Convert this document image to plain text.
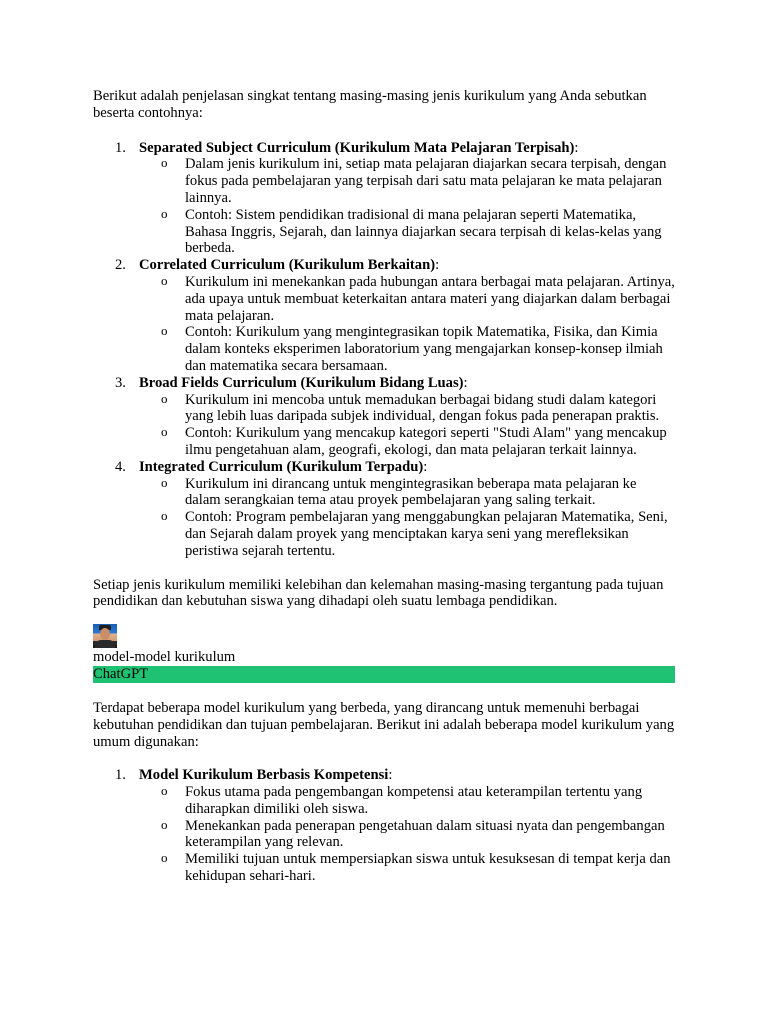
Berikut adalah penjelasan singkat tentang masing-masing jenis kurikulum yang Anda sebutkan beserta contohnya:

1. Separated Subject Curriculum (Kurikulum Mata Pelajaran Terpisah):
o Dalam jenis kurikulum ini, setiap mata pelajaran diajarkan secara terpisah, dengan fokus pada pembelajaran yang terpisah dari satu mata pelajaran ke mata pelajaran lainnya.
o Contoh: Sistem pendidikan tradisional di mana pelajaran seperti Matematika, Bahasa Inggris, Sejarah, dan lainnya diajarkan secara terpisah di kelas-kelas yang berbeda.
2. Correlated Curriculum (Kurikulum Berkaitan):
o Kurikulum ini menekankan pada hubungan antara berbagai mata pelajaran. Artinya, ada upaya untuk membuat keterkaitan antara materi yang diajarkan dalam berbagai mata pelajaran.
o Contoh: Kurikulum yang mengintegrasikan topik Matematika, Fisika, dan Kimia dalam konteks eksperimen laboratorium yang mengajarkan konsep-konsep ilmiah dan matematika secara bersamaan.
3. Broad Fields Curriculum (Kurikulum Bidang Luas):
o Kurikulum ini mencoba untuk memadukan berbagai bidang studi dalam kategori yang lebih luas daripada subjek individual, dengan fokus pada penerapan praktis.
o Contoh: Kurikulum yang mencakup kategori seperti "Studi Alam" yang mencakup ilmu pengetahuan alam, geografi, ekologi, dan mata pelajaran terkait lainnya.
4. Integrated Curriculum (Kurikulum Terpadu):
o Kurikulum ini dirancang untuk mengintegrasikan beberapa mata pelajaran ke dalam serangkaian tema atau proyek pembelajaran yang saling terkait.
o Contoh: Program pembelajaran yang menggabungkan pelajaran Matematika, Seni, dan Sejarah dalam proyek yang menciptakan karya seni yang merefleksikan peristiwa sejarah tertentu.

Setiap jenis kurikulum memiliki kelebihan dan kelemahan masing-masing tergantung pada tujuan pendidikan dan kebutuhan siswa yang dihadapi oleh suatu lembaga pendidikan.

model-model kurikulum
ChatGPT

Terdapat beberapa model kurikulum yang berbeda, yang dirancang untuk memenuhi berbagai kebutuhan pendidikan dan tujuan pembelajaran. Berikut ini adalah beberapa model kurikulum yang umum digunakan:

1. Model Kurikulum Berbasis Kompetensi:
o Fokus utama pada pengembangan kompetensi atau keterampilan tertentu yang diharapkan dimiliki oleh siswa.
o Menekankan pada penerapan pengetahuan dalam situasi nyata dan pengembangan keterampilan yang relevan.
o Memiliki tujuan untuk mempersiapkan siswa untuk kesuksesan di tempat kerja dan kehidupan sehari-hari.
